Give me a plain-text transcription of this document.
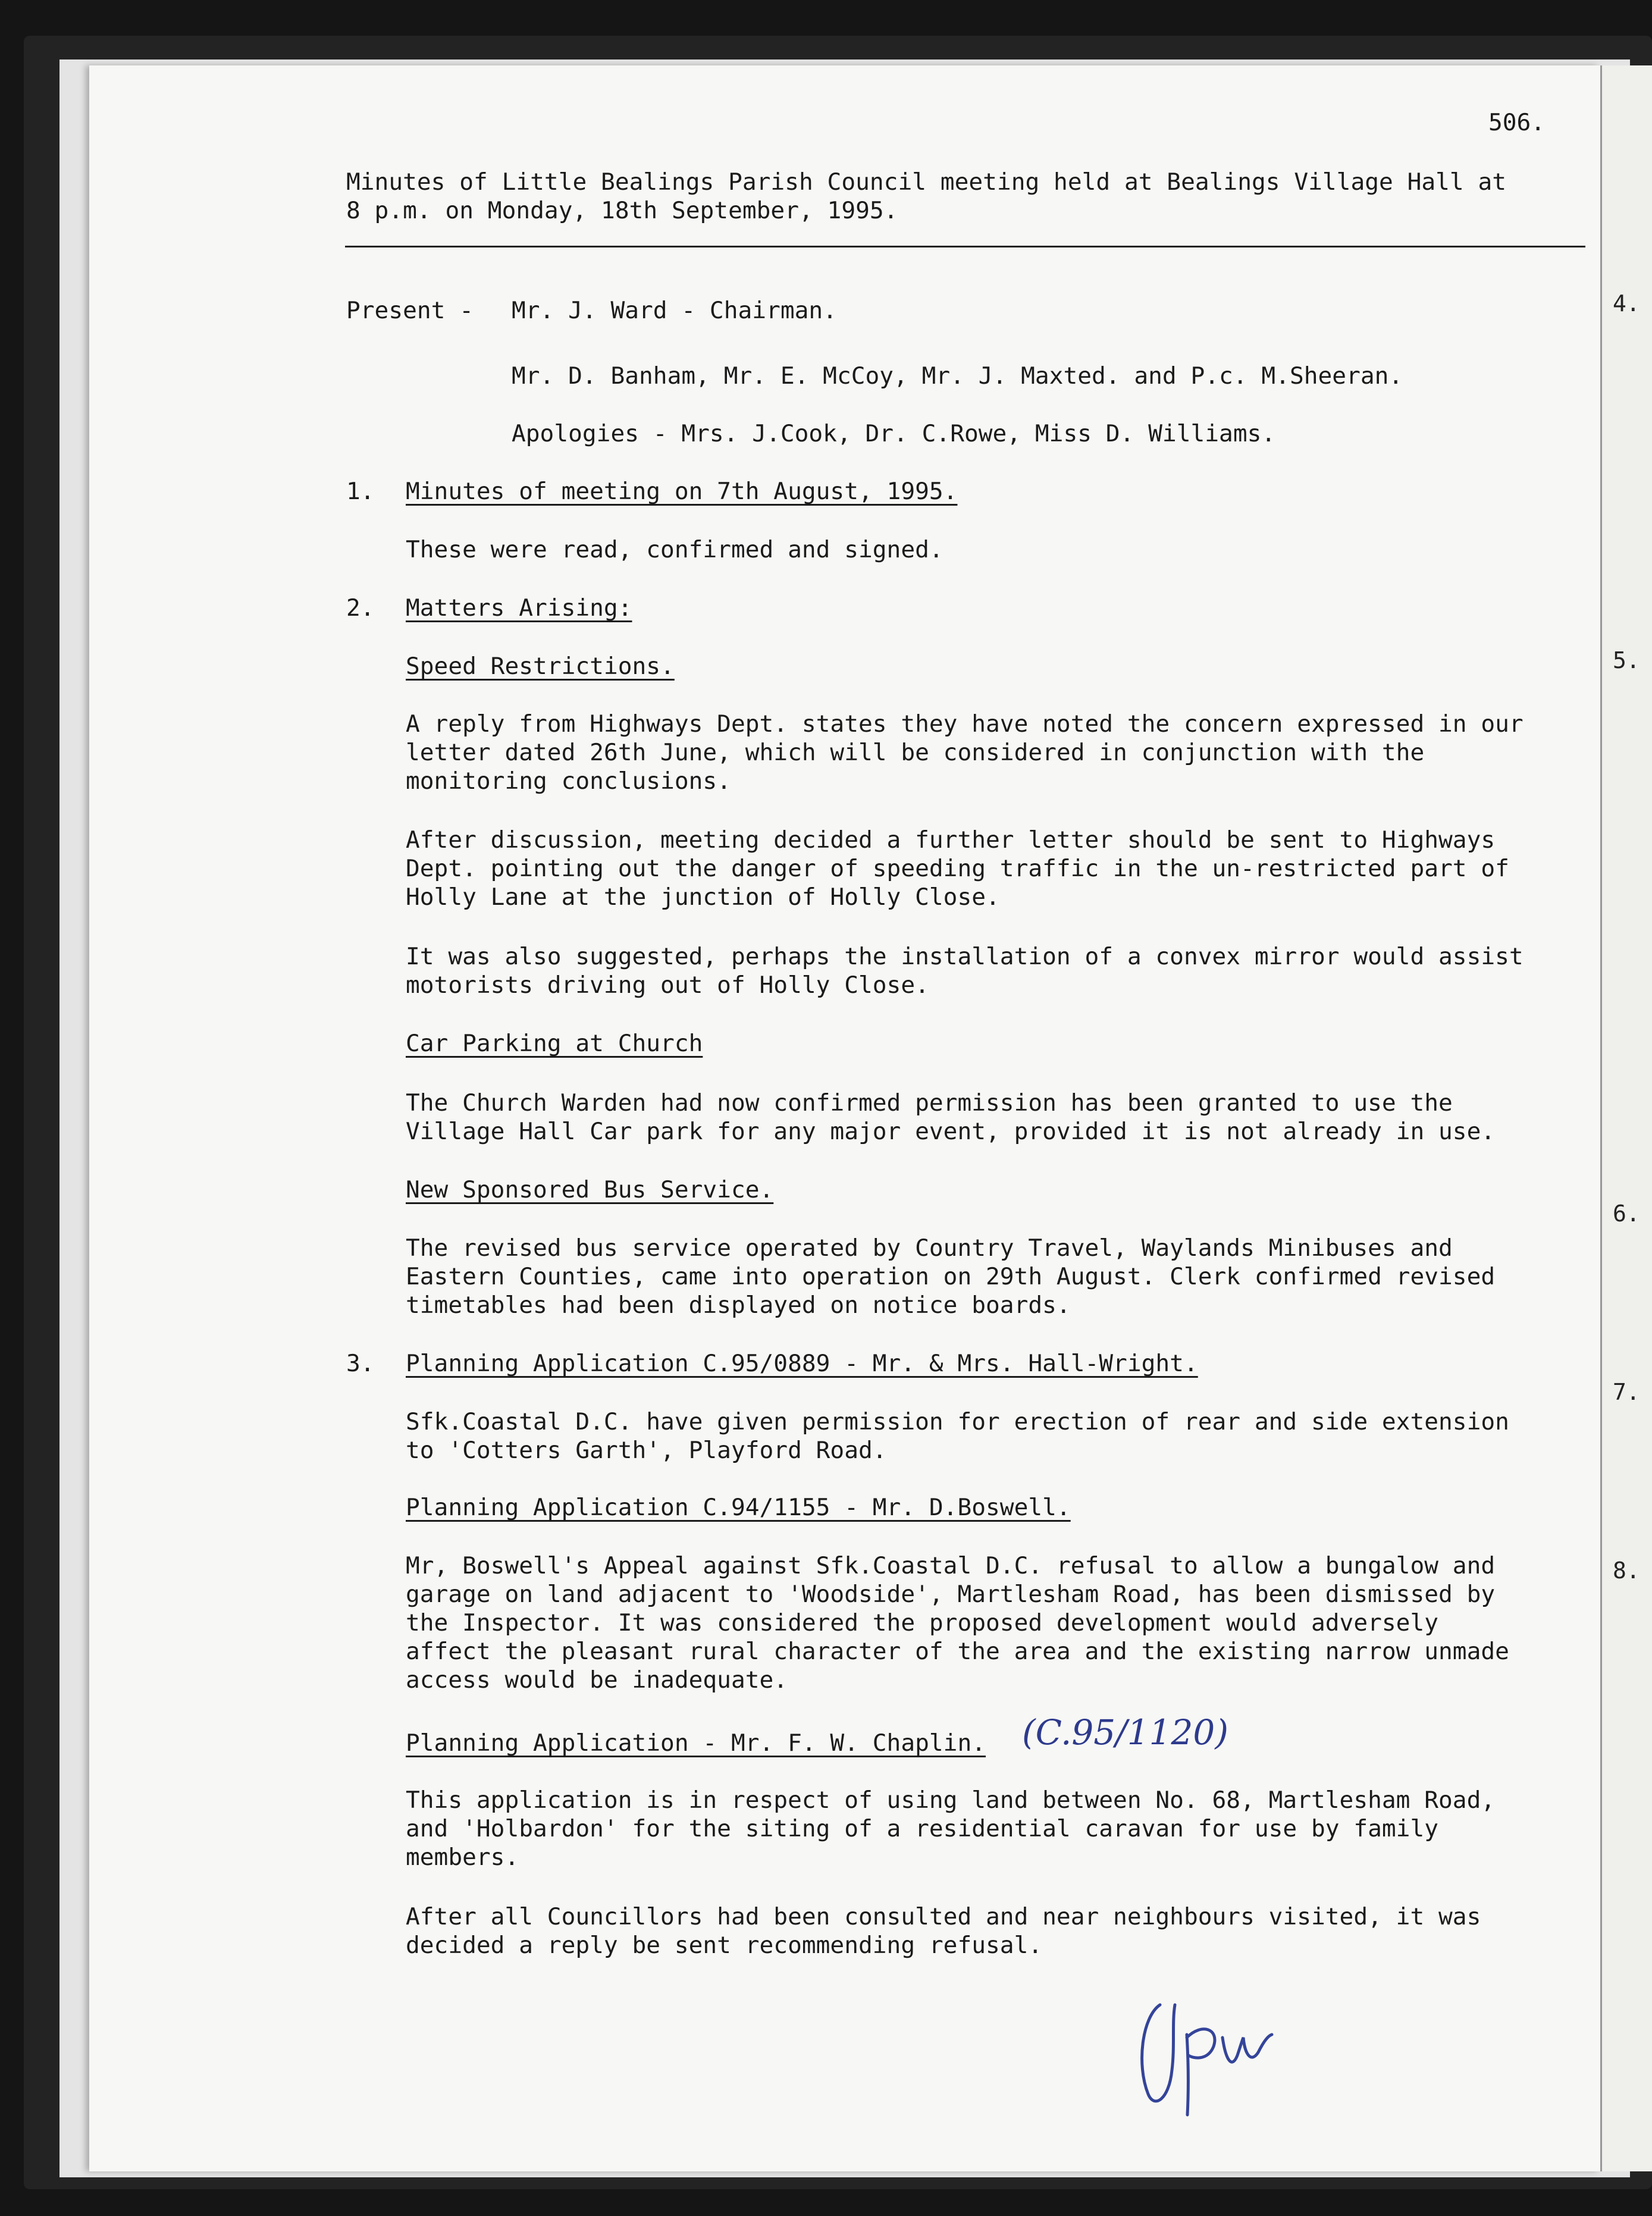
4.
5.
6.
7.
8.
506.
Minutes of Little Bealings Parish Council meeting held at Bealings Village Hall at
8 p.m. on Monday, 18th September, 1995.
Present - Mr. J. Ward - Chairman.
Mr. D. Banham, Mr. E. McCoy, Mr. J. Maxted. and P.c. M.Sheeran.
Apologies - Mrs. J.Cook, Dr. C.Rowe, Miss D. Williams.
1. Minutes of meeting on 7th August, 1995.
These were read, confirmed and signed.
2. Matters Arising:
Speed Restrictions.
A reply from Highways Dept. states they have noted the concern expressed in our
letter dated 26th June, which will be considered in conjunction with the
monitoring conclusions.
After discussion, meeting decided a further letter should be sent to Highways
Dept. pointing out the danger of speeding traffic in the un-restricted part of
Holly Lane at the junction of Holly Close.
It was also suggested, perhaps the installation of a convex mirror would assist
motorists driving out of Holly Close.
Car Parking at Church
The Church Warden had now confirmed permission has been granted to use the
Village Hall Car park for any major event, provided it is not already in use.
New Sponsored Bus Service.
The revised bus service operated by Country Travel, Waylands Minibuses and
Eastern Counties, came into operation on 29th August. Clerk confirmed revised
timetables had been displayed on notice boards.
3. Planning Application C.95/0889 - Mr. & Mrs. Hall-Wright.
Sfk.Coastal D.C. have given permission for erection of rear and side extension
to 'Cotters Garth', Playford Road.
Planning Application C.94/1155 - Mr. D.Boswell.
Mr, Boswell's Appeal against Sfk.Coastal D.C. refusal to allow a bungalow and
garage on land adjacent to 'Woodside', Martlesham Road, has been dismissed by
the Inspector. It was considered the proposed development would adversely
affect the pleasant rural character of the area and the existing narrow unmade
access would be inadequate.
Planning Application - Mr. F. W. Chaplin. (C.95/1120)
This application is in respect of using land between No. 68, Martlesham Road,
and 'Holbardon' for the siting of a residential caravan for use by family
members.
After all Councillors had been consulted and near neighbours visited, it was
decided a reply be sent recommending refusal.
